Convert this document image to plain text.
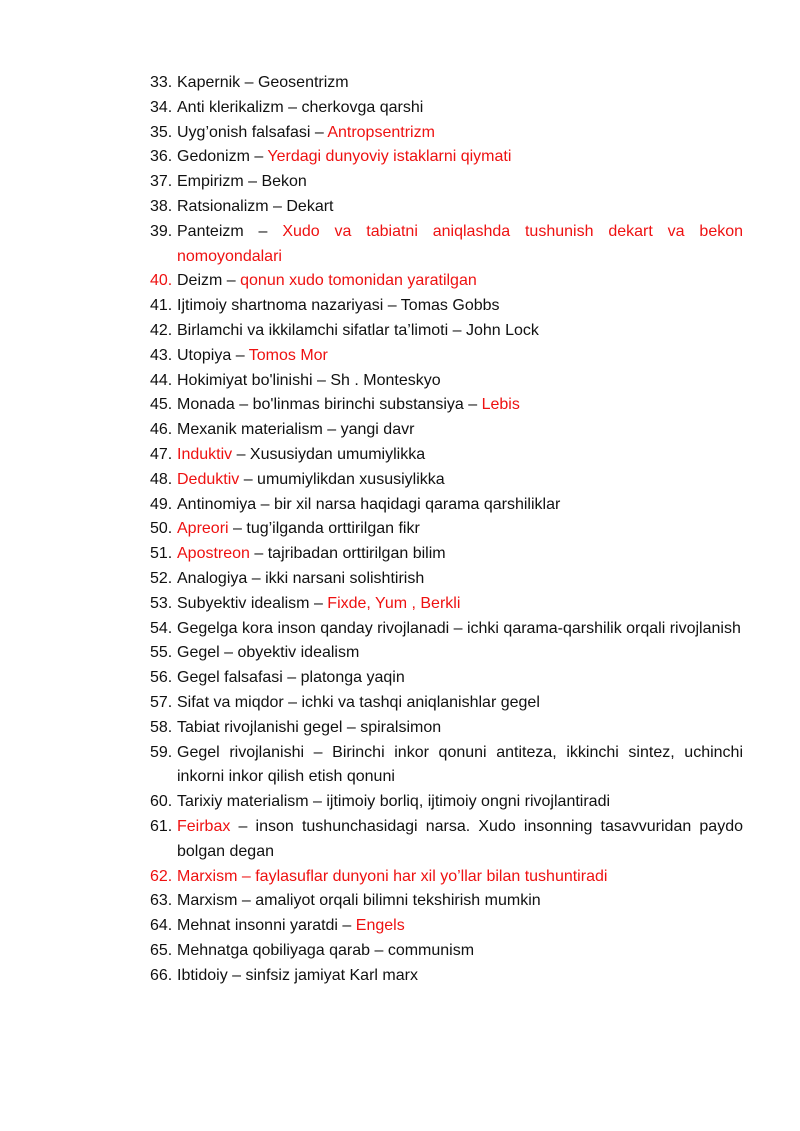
33. Kapernik – Geosentrizm
34. Anti klerikalizm – cherkovga qarshi
35. Uyg’onish falsafasi – Antropsentrizm
36. Gedonizm – Yerdagi dunyoviy istaklarni qiymati
37. Empirizm – Bekon
38. Ratsionalizm – Dekart
39. Panteizm – Xudo va tabiatni aniqlashda tushunish dekart va bekon nomoyondalari
40. Deizm – qonun xudo tomonidan yaratilgan
41. Ijtimoiy shartnoma nazariyasi – Tomas Gobbs
42. Birlamchi va ikkilamchi sifatlar ta’limoti – John Lock
43. Utopiya – Tomos Mor
44. Hokimiyat bo'linishi – Sh . Monteskyo
45. Monada – bo'linmas birinchi substansiya – Lebis
46. Mexanik materialism – yangi davr
47. Induktiv – Xususiydan umumiylikka
48. Deduktiv – umumiylikdan xususiylikka
49. Antinomiya – bir xil narsa haqidagi qarama qarshiliklar
50. Apreori – tug’ilganda orttirilgan fikr
51. Apostreon – tajribadan orttirilgan bilim
52. Analogiya – ikki narsani solishtirish
53. Subyektiv idealism – Fixde, Yum , Berkli
54. Gegelga kora inson qanday rivojlanadi – ichki qarama-qarshilik orqali rivojlanish
55. Gegel – obyektiv idealism
56. Gegel falsafasi – platonga yaqin
57. Sifat va miqdor – ichki va tashqi aniqlanishlar gegel
58. Tabiat rivojlanishi gegel – spiralsimon
59. Gegel rivojlanishi – Birinchi inkor qonuni antiteza, ikkinchi sintez, uchinchi inkorni inkor qilish etish qonuni
60. Tarixiy materialism – ijtimoiy borliq, ijtimoiy ongni rivojlantiradi
61. Feirbax – inson tushunchasidagi narsa. Xudo insonning tasavvuridan paydo bolgan degan
62. Marxism – faylasuflar dunyoni har xil yo’llar bilan tushuntiradi
63. Marxism – amaliyot orqali bilimni tekshirish mumkin
64. Mehnat insonni yaratdi – Engels
65. Mehnatga qobiliyaga qarab – communism
66. Ibtidoiy – sinfsiz jamiyat Karl marx
